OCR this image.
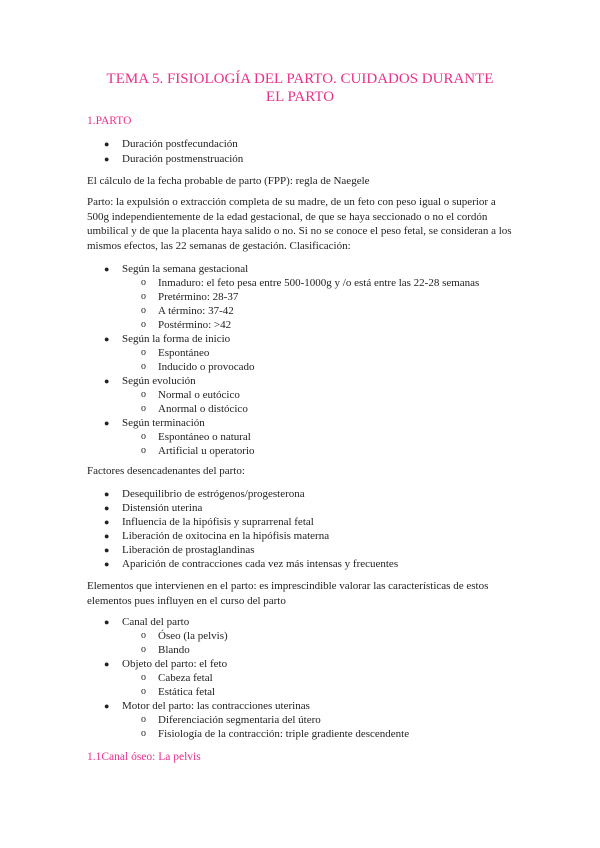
TEMA 5. FISIOLOGÍA DEL PARTO. CUIDADOS DURANTE EL PARTO
1.PARTO
● Duración postfecundación
● Duración postmenstruación
El cálculo de la fecha probable de parto (FPP): regla de Naegele
Parto: la expulsión o extracción completa de su madre, de un feto con peso igual o superior a 500g independientemente de la edad gestacional, de que se haya seccionado o no el cordón umbilical y de que la placenta haya salido o no. Si no se conoce el peso fetal, se consideran a los mismos efectos, las 22 semanas de gestación. Clasificación:
● Según la semana gestacional
o Inmaduro: el feto pesa entre 500-1000g y /o está entre las 22-28 semanas
o Pretérmino: 28-37
o A término: 37-42
o Postérmino: >42
● Según la forma de inicio
o Espontáneo
o Inducido o provocado
● Según evolución
o Normal o eutócico
o Anormal o distócico
● Según terminación
o Espontáneo o natural
o Artificial u operatorio
Factores desencadenantes del parto:
● Desequilibrio de estrógenos/progesterona
● Distensión uterina
● Influencia de la hipófisis y suprarrenal fetal
● Liberación de oxitocina en la hipófisis materna
● Liberación de prostaglandinas
● Aparición de contracciones cada vez más intensas y frecuentes
Elementos que intervienen en el parto: es imprescindible valorar las características de estos elementos pues influyen en el curso del parto
● Canal del parto
o Óseo (la pelvis)
o Blando
● Objeto del parto: el feto
o Cabeza fetal
o Estática fetal
● Motor del parto: las contracciones uterinas
o Diferenciación segmentaria del útero
o Fisiología de la contracción: triple gradiente descendente
1.1Canal óseo: La pelvis
